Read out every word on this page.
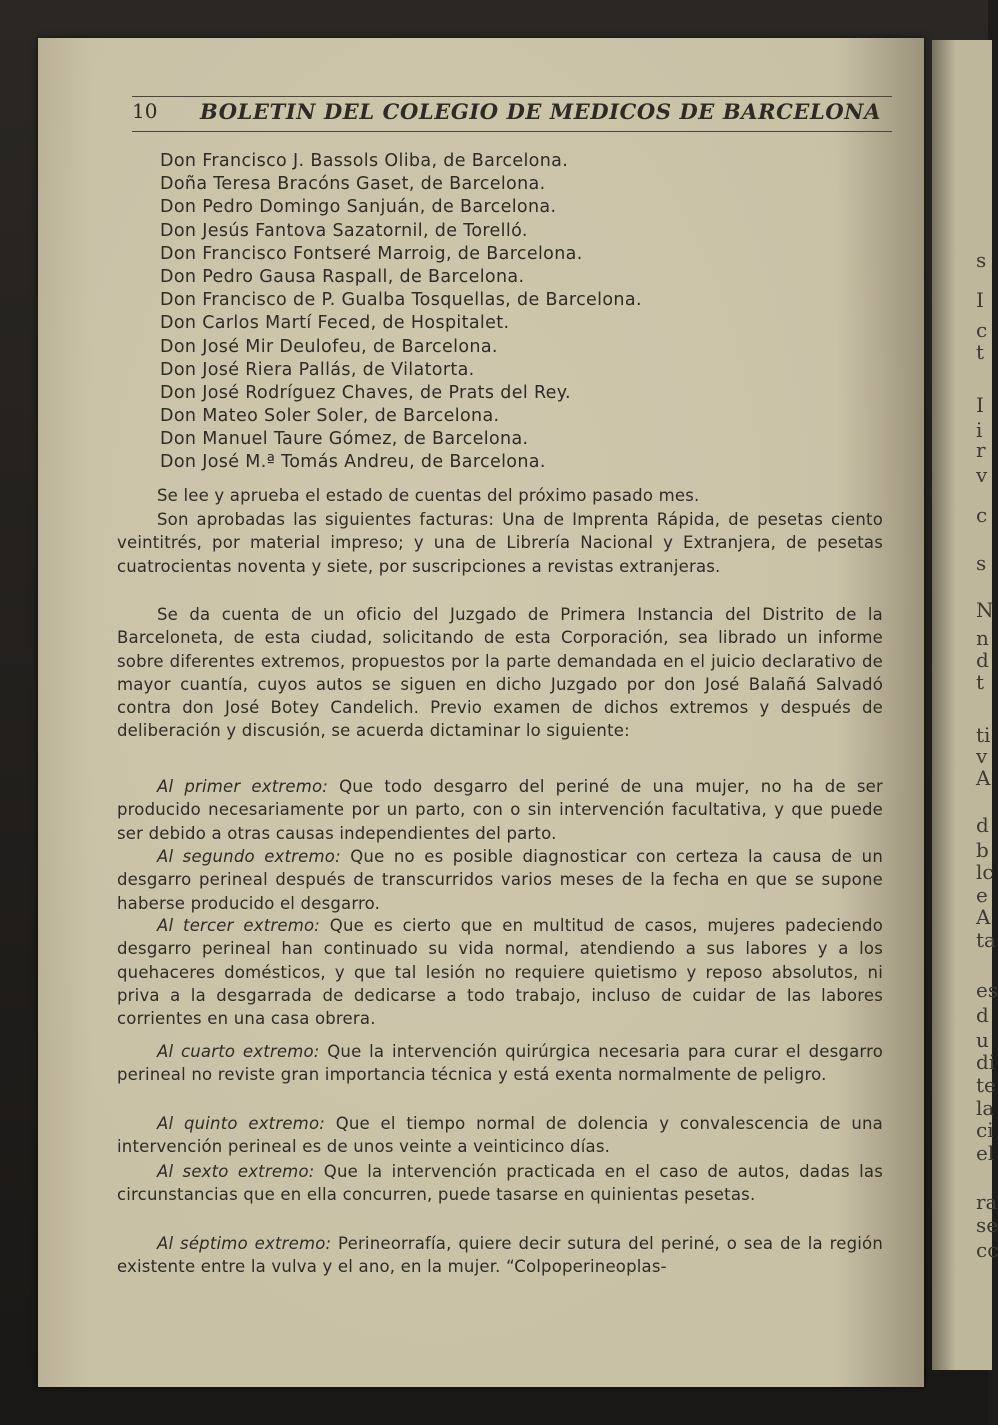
s
I
c
t
I
i
r
v
c
s
N
n
d
t
ti
v
A
d
b
lc
e
A
ta
es
d
u
di
te
la
ci
el
ra
se
cc
10 BOLETIN DEL COLEGIO DE MEDICOS DE BARCELONA
Don Francisco J. Bassols Oliba, de Barcelona.
Doña Teresa Bracóns Gaset, de Barcelona.
Don Pedro Domingo Sanjuán, de Barcelona.
Don Jesús Fantova Sazatornil, de Torelló.
Don Francisco Fontseré Marroig, de Barcelona.
Don Pedro Gausa Raspall, de Barcelona.
Don Francisco de P. Gualba Tosquellas, de Barcelona.
Don Carlos Martí Feced, de Hospitalet.
Don José Mir Deulofeu, de Barcelona.
Don José Riera Pallás, de Vilatorta.
Don José Rodríguez Chaves, de Prats del Rey.
Don Mateo Soler Soler, de Barcelona.
Don Manuel Taure Gómez, de Barcelona.
Don José M.ª Tomás Andreu, de Barcelona.

Se lee y aprueba el estado de cuentas del próximo pasado mes.

Son aprobadas las siguientes facturas: Una de Imprenta Rápida, de pesetas ciento veintitrés, por material impreso; y una de Librería Nacional y Extranjera, de pesetas cuatrocientas noventa y siete, por suscripciones a revistas extranjeras.

Se da cuenta de un oficio del Juzgado de Primera Instancia del Distrito de la Barceloneta, de esta ciudad, solicitando de esta Corporación, sea librado un informe sobre diferentes extremos, propuestos por la parte demandada en el juicio declarativo de mayor cuantía, cuyos autos se siguen en dicho Juzgado por don José Balañá Salvadó contra don José Botey Candelich. Previo examen de dichos extremos y después de deliberación y discusión, se acuerda dictaminar lo siguiente:

Al primer extremo: Que todo desgarro del periné de una mujer, no ha de ser producido necesariamente por un parto, con o sin intervención facultativa, y que puede ser debido a otras causas independientes del parto.

Al segundo extremo: Que no es posible diagnosticar con certeza la causa de un desgarro perineal después de transcurridos varios meses de la fecha en que se supone haberse producido el desgarro.

Al tercer extremo: Que es cierto que en multitud de casos, mujeres padeciendo desgarro perineal han continuado su vida normal, atendiendo a sus labores y a los quehaceres domésticos, y que tal lesión no requiere quietismo y reposo absolutos, ni priva a la desgarrada de dedicarse a todo trabajo, incluso de cuidar de las labores corrientes en una casa obrera.

Al cuarto extremo: Que la intervención quirúrgica necesaria para curar el desgarro perineal no reviste gran importancia técnica y está exenta normalmente de peligro.

Al quinto extremo: Que el tiempo normal de dolencia y convalescencia de una intervención perineal es de unos veinte a veinticinco días.

Al sexto extremo: Que la intervención practicada en el caso de autos, dadas las circunstancias que en ella concurren, puede tasarse en quinientas pesetas.

Al séptimo extremo: Perineorrafía, quiere decir sutura del periné, o sea de la región existente entre la vulva y el ano, en la mujer. “Colpoperineoplas-
